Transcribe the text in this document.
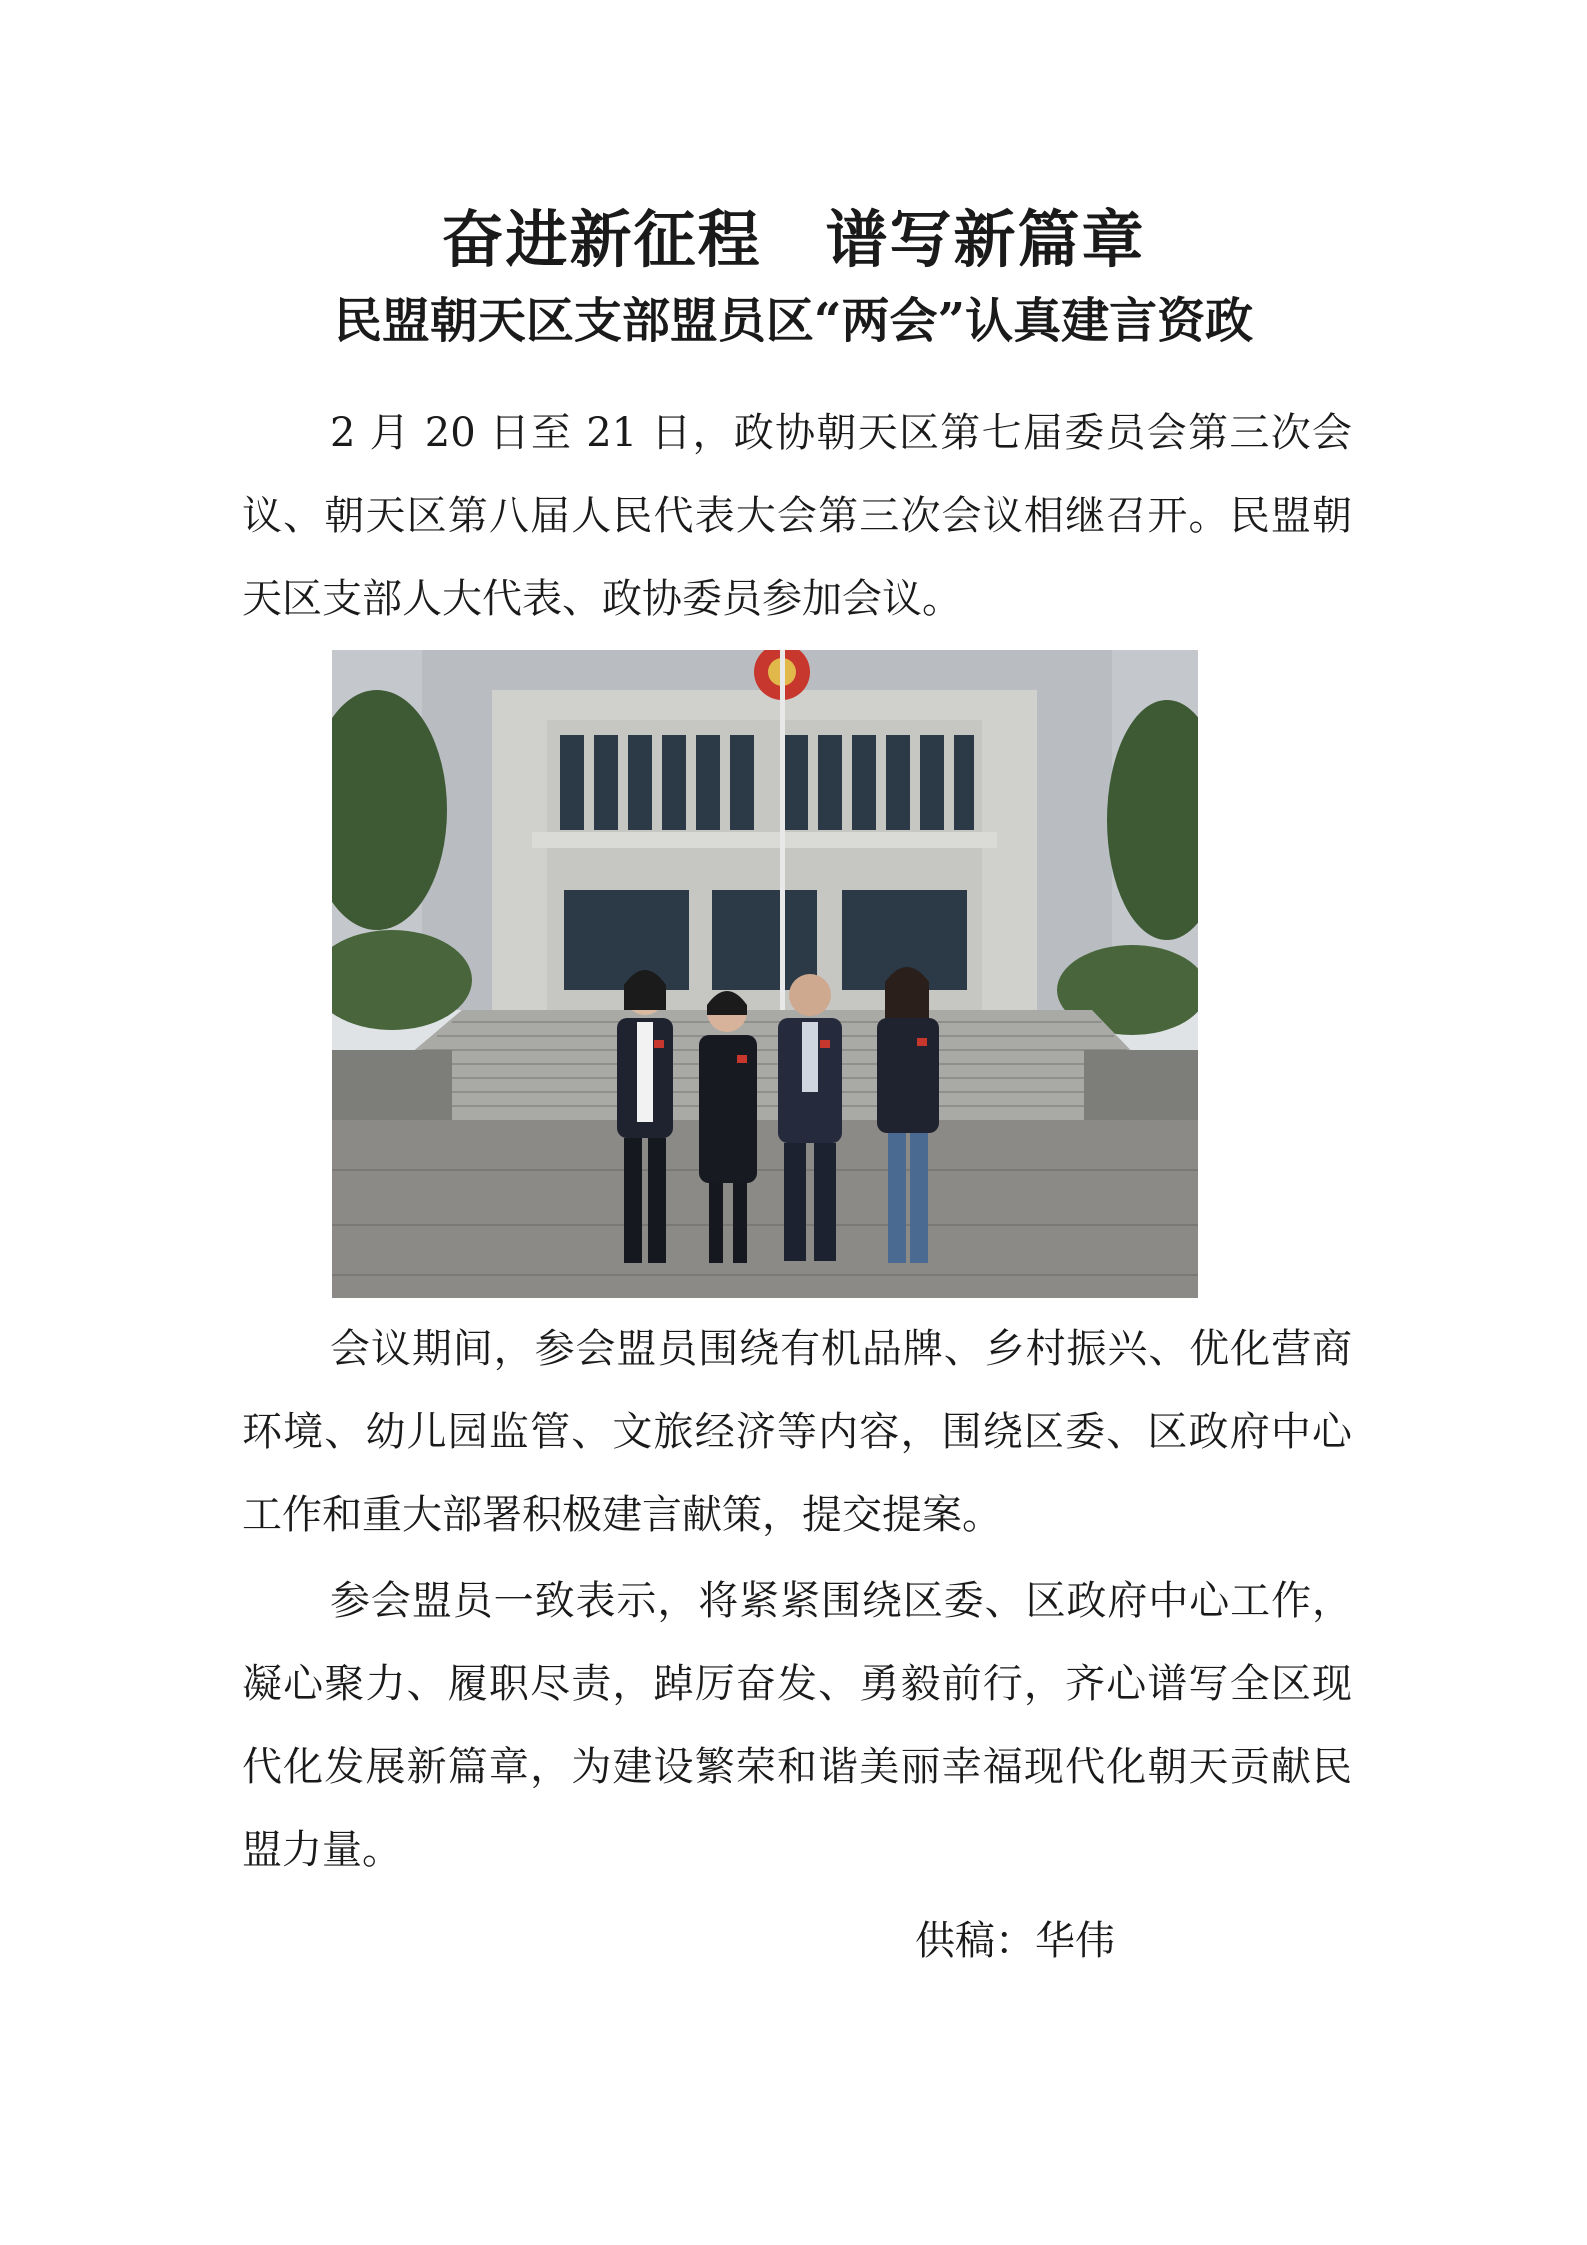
奋进新征程　谱写新篇章
民盟朝天区支部盟员区“两会”认真建言资政

2 月 20 日至 21 日，政协朝天区第七届委员会第三次会议、朝天区第八届人民代表大会第三次会议相继召开。民盟朝天区支部人大代表、政协委员参加会议。

会议期间，参会盟员围绕有机品牌、乡村振兴、优化营商环境、幼儿园监管、文旅经济等内容，围绕区委、区政府中心工作和重大部署积极建言献策，提交提案。

参会盟员一致表示，将紧紧围绕区委、区政府中心工作，凝心聚力、履职尽责，踔厉奋发、勇毅前行，齐心谱写全区现代化发展新篇章，为建设繁荣和谐美丽幸福现代化朝天贡献民盟力量。

供稿：华伟
